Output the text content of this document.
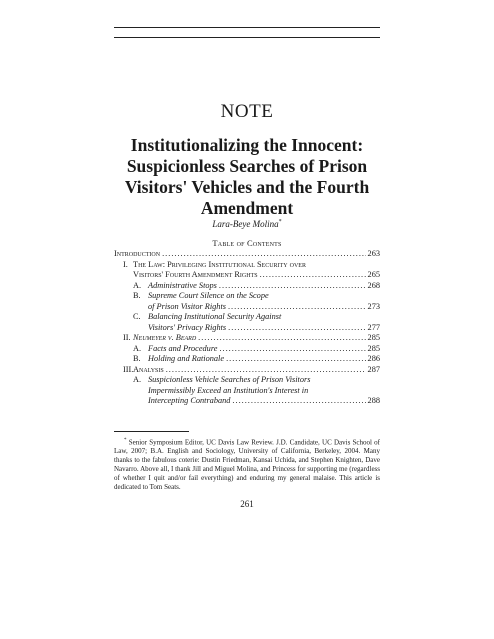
NOTE
Institutionalizing the Innocent: Suspicionless Searches of Prison Visitors' Vehicles and the Fourth Amendment
Lara-Beye Molina*
Table of Contents
Introduction .....	263
I. The Law: Privileging Institutional Security over
Visitors' Fourth Amendment Rights .....	265
A. Administrative Stops .....	268
B. Supreme Court Silence on the Scope
of Prison Visitor Rights .....	273
C. Balancing Institutional Security Against
Visitors' Privacy Rights .....	277
II. Neumeyer v. Beard .....	285
A. Facts and Procedure .....	285
B. Holding and Rationale .....	286
III.Analysis .....	287
A. Suspicionless Vehicle Searches of Prison Visitors
Impermissibly Exceed an Institution's Interest in
Intercepting Contraband .....	288
* Senior Symposium Editor, UC Davis Law Review. J.D. Candidate, UC Davis School of Law, 2007; B.A. English and Sociology, University of California, Berkeley, 2004. Many thanks to the fabulous coterie: Dustin Friedman, Kansai Uchida, and Stephen Knighten, Dave Navarro. Above all, I thank Jill and Miguel Molina, and Princess for supporting me (regardless of whether I quit and/or fail everything) and enduring my general malaise. This article is dedicated to Tom Seats.
261
